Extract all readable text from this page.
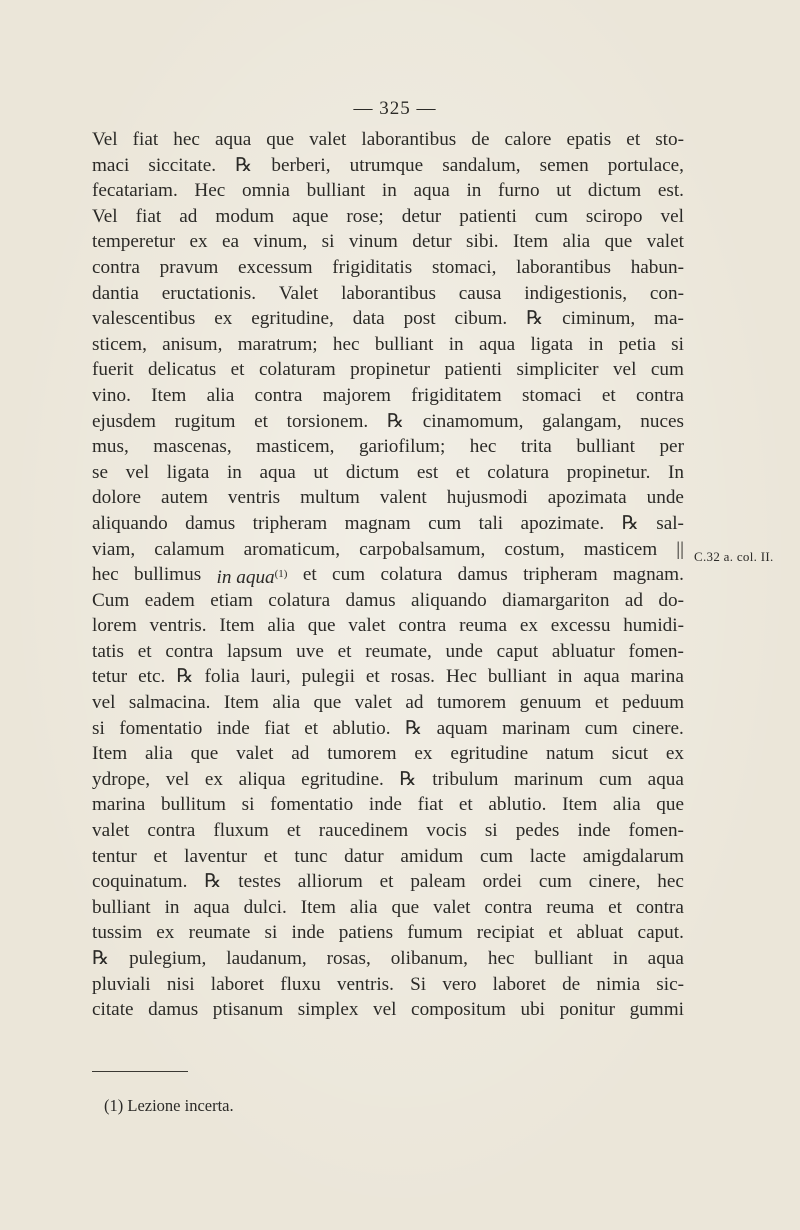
— 325 —
Vel fiat hec aqua que valet laborantibus de calore epatis et sto-
maci siccitate. ℞ berberi, utrumque sandalum, semen portulace,
fecatariam. Hec omnia bulliant in aqua in furno ut dictum est.
Vel fiat ad modum aque rose; detur patienti cum sciropo vel
temperetur ex ea vinum, si vinum detur sibi. Item alia que valet
contra pravum excessum frigiditatis stomaci, laborantibus habun-
dantia eructationis. Valet laborantibus causa indigestionis, con-
valescentibus ex egritudine, data post cibum. ℞ ciminum, ma-
sticem, anisum, maratrum; hec bulliant in aqua ligata in petia si
fuerit delicatus et colaturam propinetur patienti simpliciter vel cum
vino. Item alia contra majorem frigiditatem stomaci et contra
ejusdem rugitum et torsionem. ℞ cinamomum, galangam, nuces
mus, mascenas, masticem, gariofilum; hec trita bulliant per
se vel ligata in aqua ut dictum est et colatura propinetur. In
dolore autem ventris multum valent hujusmodi apozimata unde
aliquando damus tripheram magnam cum tali apozimate. ℞ sal-
viam, calamum aromaticum, carpobalsamum, costum, masticem ||
hec bullimus in aqua$^{(1)}$ et cum colatura damus tripheram magnam.
Cum eadem etiam colatura damus aliquando diamargariton ad do-
lorem ventris. Item alia que valet contra reuma ex excessu humidi-
tatis et contra lapsum uve et reumate, unde caput abluatur fomen-
tetur etc. ℞ folia lauri, pulegii et rosas. Hec bulliant in aqua marina
vel salmacina. Item alia que valet ad tumorem genuum et peduum
si fomentatio inde fiat et ablutio. ℞ aquam marinam cum cinere.
Item alia que valet ad tumorem ex egritudine natum sicut ex
ydrope, vel ex aliqua egritudine. ℞ tribulum marinum cum aqua
marina bullitum si fomentatio inde fiat et ablutio. Item alia que
valet contra fluxum et raucedinem vocis si pedes inde fomen-
tentur et laventur et tunc datur amidum cum lacte amigdalarum
coquinatum. ℞ testes alliorum et paleam ordei cum cinere, hec
bulliant in aqua dulci. Item alia que valet contra reuma et contra
tussim ex reumate si inde patiens fumum recipiat et abluat caput.
℞ pulegium, laudanum, rosas, olibanum, hec bulliant in aqua
pluviali nisi laboret fluxu ventris. Si vero laboret de nimia sic-
citate damus ptisanum simplex vel compositum ubi ponitur gummi
C.32 a. col. II.
(1) Lezione incerta.
